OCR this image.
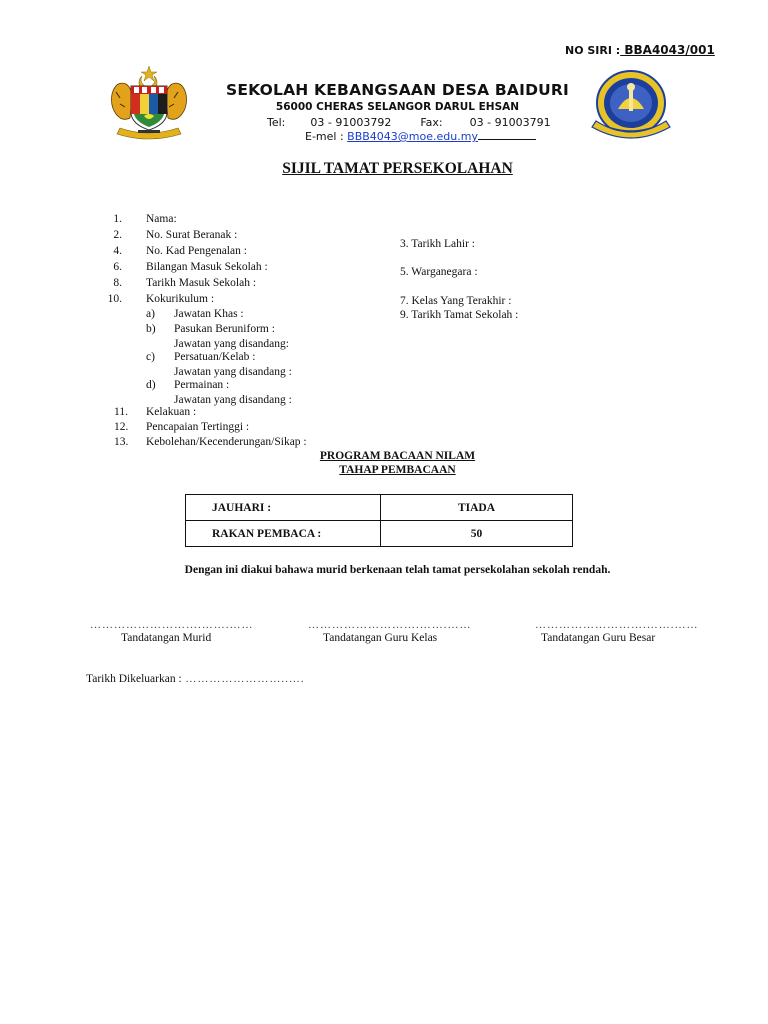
NO SIRI : BBA4043/001
SEKOLAH KEBANGSAAN DESA BAIDURI
56000 CHERAS SELANGOR DARUL EHSAN
Tel: 03 - 91003792	Fax: 03 - 91003791
E-mel : BBB4043@moe.edu.my
SIJIL TAMAT PERSEKOLAHAN
1. Nama:
2. No. Surat Beranak :
4. No. Kad Pengenalan :
6. Bilangan Masuk Sekolah :
8. Tarikh Masuk Sekolah :
10. Kokurikulum :
a) Jawatan Khas :
b) Pasukan Beruniform :
Jawatan yang disandang:
c) Persatuan/Kelab :
Jawatan yang disandang :
d) Permainan :
Jawatan yang disandang :
11. Kelakuan :
12. Pencapaian Tertinggi :
13. Kebolehan/Kecenderungan/Sikap :
3. Tarikh Lahir :
5. Warganegara :
7. Kelas Yang Terakhir :
9. Tarikh Tamat Sekolah :
PROGRAM BACAAN NILAM
TAHAP PEMBACAAN
JAUHARI :	TIADA
RAKAN PEMBACA :	50
Dengan ini diakui bahawa murid berkenaan telah tamat persekolahan sekolah rendah.
……………………….…….……	……………………….…….……	……………………….…….……
Tandatangan Murid	Tandatangan Guru Kelas	Tandatangan Guru Besar
Tarikh Dikeluarkan : ……………………..….
